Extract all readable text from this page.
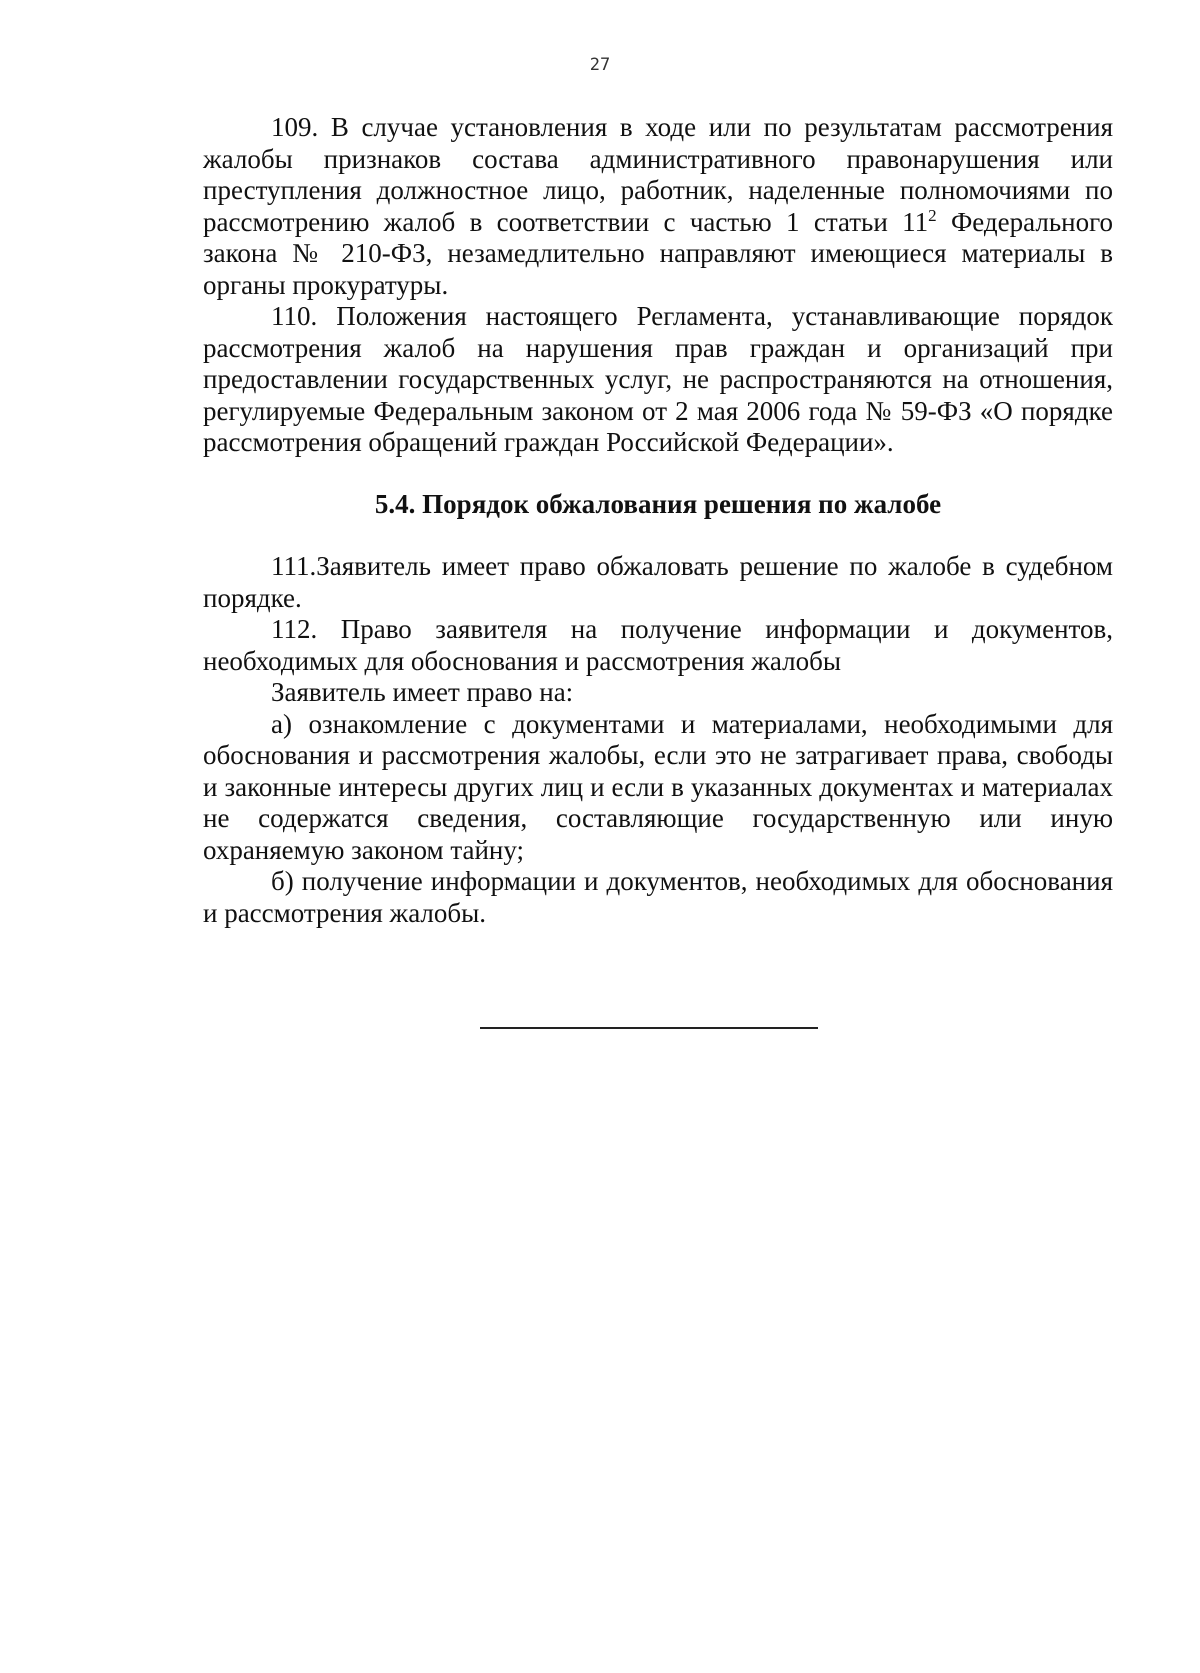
27

109. В случае установления в ходе или по результатам рассмотрения жалобы признаков состава административного правонарушения или преступления должностное лицо, работник, наделенные полномочиями по рассмотрению жалоб в соответствии с частью 1 статьи $11^2$ Федерального закона № 210-ФЗ, незамедлительно направляют имеющиеся материалы в органы прокуратуры.

110. Положения настоящего Регламента, устанавливающие порядок рассмотрения жалоб на нарушения прав граждан и организаций при предоставлении государственных услуг, не распространяются на отношения, регулируемые Федеральным законом от 2 мая 2006 года № 59-ФЗ «О порядке рассмотрения обращений граждан Российской Федерации».

5.4. Порядок обжалования решения по жалобе

111.Заявитель имеет право обжаловать решение по жалобе в судебном порядке.

112. Право заявителя на получение информации и документов, необходимых для обоснования и рассмотрения жалобы

Заявитель имеет право на:

а) ознакомление с документами и материалами, необходимыми для обоснования и рассмотрения жалобы, если это не затрагивает права, свободы и законные интересы других лиц и если в указанных документах и материалах не содержатся сведения, составляющие государственную или иную охраняемую законом тайну;

б) получение информации и документов, необходимых для обоснования и рассмотрения жалобы.
